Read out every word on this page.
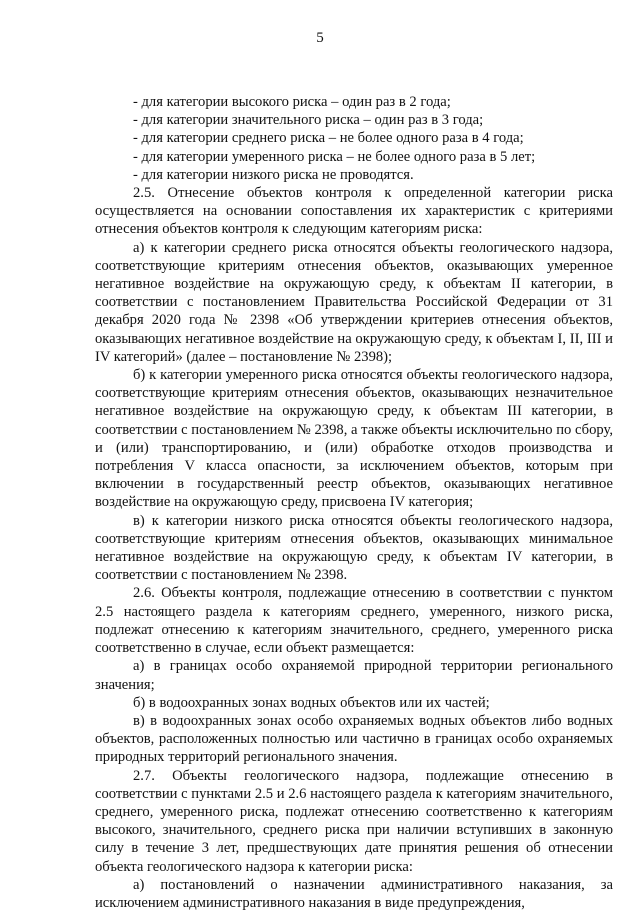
5

- для категории высокого риска – один раз в 2 года;

- для категории значительного риска – один раз в 3 года;

- для категории среднего риска – не более одного раза в 4 года;

- для категории умеренного риска – не более одного раза в 5 лет;

- для категории низкого риска не проводятся.

2.5. Отнесение объектов контроля к определенной категории риска осуществляется на основании сопоставления их характеристик с критериями отнесения объектов контроля к следующим категориям риска:

а) к категории среднего риска относятся объекты геологического надзора, соответствующие критериям отнесения объектов, оказывающих умеренное негативное воздействие на окружающую среду, к объектам II категории, в соответствии с постановлением Правительства Российской Федерации от 31 декабря 2020 года № 2398 «Об утверждении критериев отнесения объектов, оказывающих негативное воздействие на окружающую среду, к объектам I, II, III и IV категорий» (далее – постановление № 2398);

б) к категории умеренного риска относятся объекты геологического надзора, соответствующие критериям отнесения объектов, оказывающих незначительное негативное воздействие на окружающую среду, к объектам III категории, в соответствии с постановлением № 2398, а также объекты исключительно по сбору, и (или) транспортированию, и (или) обработке отходов производства и потребления V класса опасности, за исключением объектов, которым при включении в государственный реестр объектов, оказывающих негативное воздействие на окружающую среду, присвоена IV категория;

в) к категории низкого риска относятся объекты геологического надзора, соответствующие критериям отнесения объектов, оказывающих минимальное негативное воздействие на окружающую среду, к объектам IV категории, в соответствии с постановлением № 2398.

2.6. Объекты контроля, подлежащие отнесению в соответствии с пунктом 2.5 настоящего раздела к категориям среднего, умеренного, низкого риска, подлежат отнесению к категориям значительного, среднего, умеренного риска соответственно в случае, если объект размещается:

а) в границах особо охраняемой природной территории регионального значения;

б) в водоохранных зонах водных объектов или их частей;

в) в водоохранных зонах особо охраняемых водных объектов либо водных объектов, расположенных полностью или частично в границах особо охраняемых природных территорий регионального значения.

2.7. Объекты геологического надзора, подлежащие отнесению в соответствии с пунктами 2.5 и 2.6 настоящего раздела к категориям значительного, среднего, умеренного риска, подлежат отнесению соответственно к категориям высокого, значительного, среднего риска при наличии вступивших в законную силу в течение 3 лет, предшествующих дате принятия решения об отнесении объекта геологического надзора к категории риска:

а) постановлений о назначении административного наказания, за исключением административного наказания в виде предупреждения,
